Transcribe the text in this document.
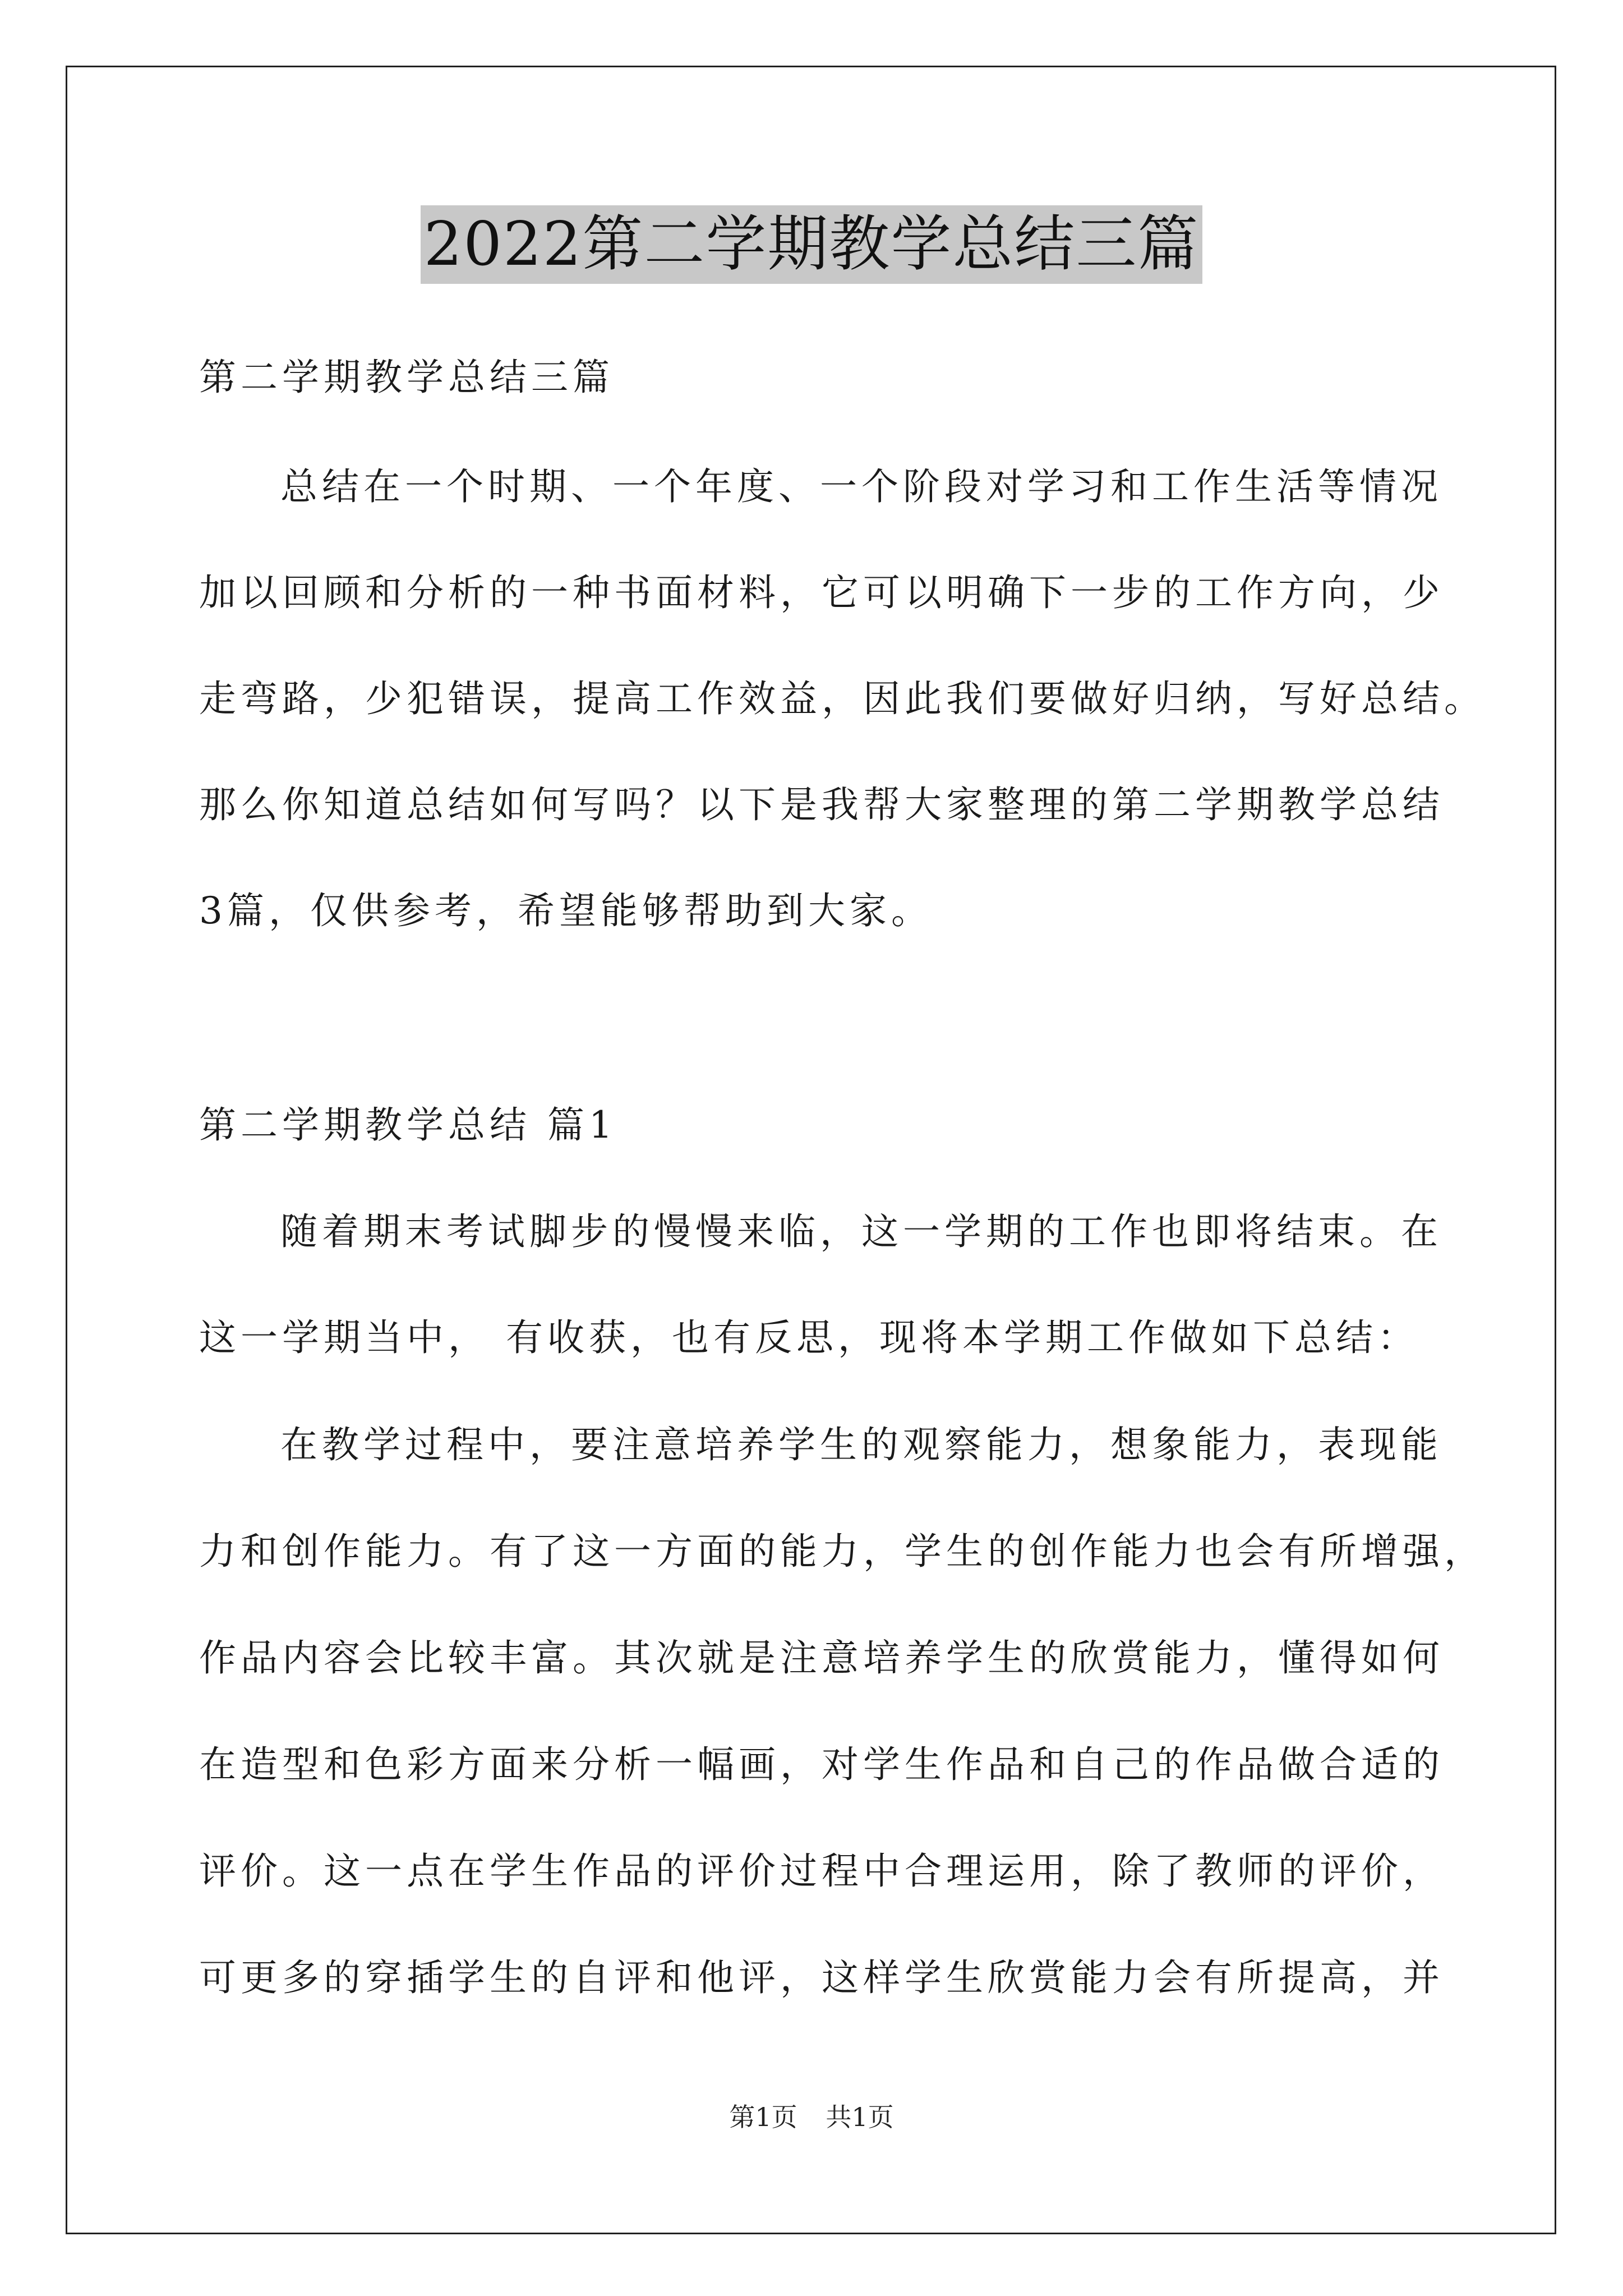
2022第二学期教学总结三篇
第二学期教学总结三篇
总结在一个时期、一个年度、一个阶段对学习和工作生活等情况
加以回顾和分析的一种书面材料，它可以明确下一步的工作方向，少
走弯路，少犯错误，提高工作效益，因此我们要做好归纳，写好总结。
那么你知道总结如何写吗？以下是我帮大家整理的第二学期教学总结
3篇，仅供参考，希望能够帮助到大家。
第二学期教学总结 篇1
随着期末考试脚步的慢慢来临，这一学期的工作也即将结束。在
这一学期当中， 有收获，也有反思，现将本学期工作做如下总结：
在教学过程中，要注意培养学生的观察能力，想象能力，表现能
力和创作能力。有了这一方面的能力，学生的创作能力也会有所增强，
作品内容会比较丰富。其次就是注意培养学生的欣赏能力，懂得如何
在造型和色彩方面来分析一幅画，对学生作品和自己的作品做合适的
评价。这一点在学生作品的评价过程中合理运用，除了教师的评价，
可更多的穿插学生的自评和他评，这样学生欣赏能力会有所提高，并
第1页 共1页
